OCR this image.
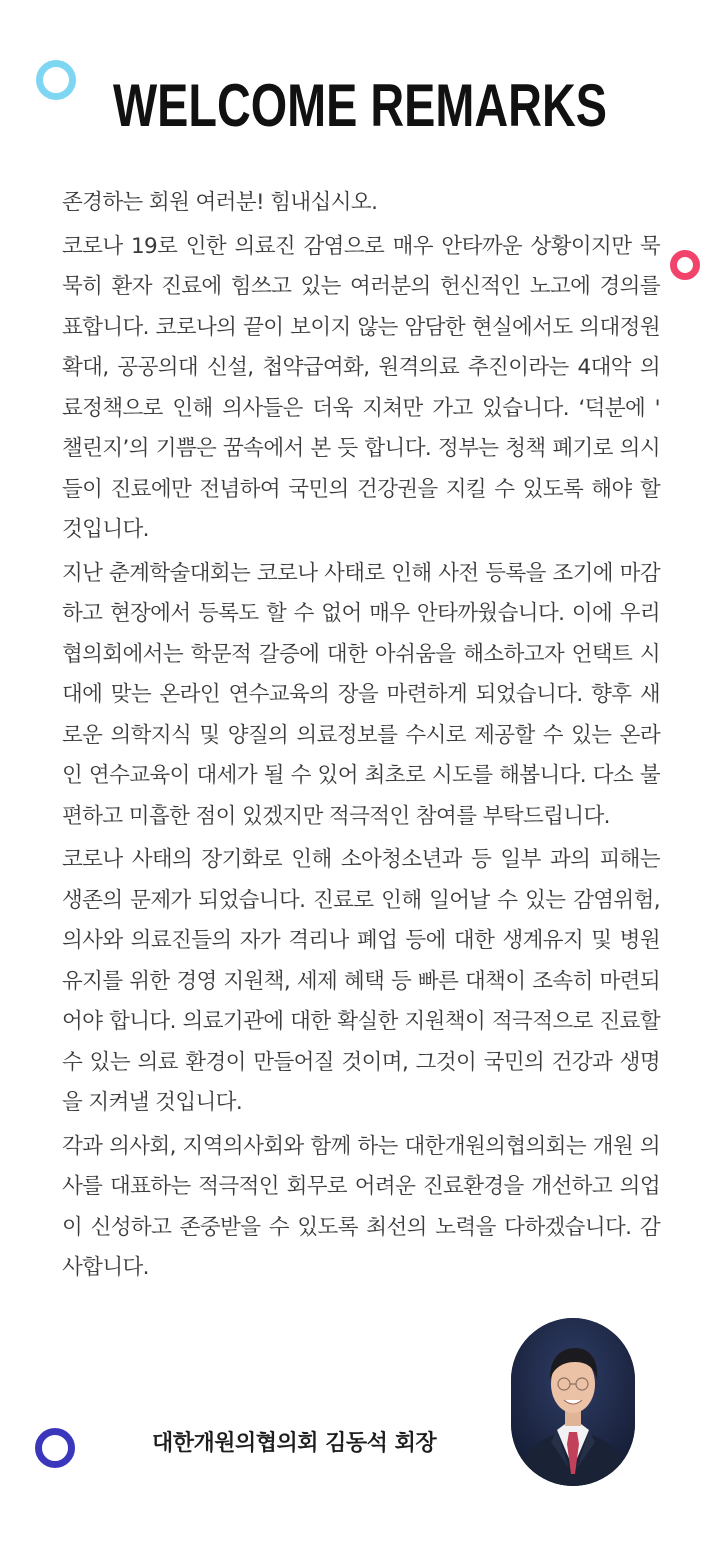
WELCOME REMARKS

존경하는 회원 여러분! 힘내십시오.

코로나 19로 인한 의료진 감염으로 매우 안타까운 상황이지만 묵묵히 환자 진료에 힘쓰고 있는 여러분의 헌신적인 노고에 경의를 표합니다. 코로나의 끝이 보이지 않는 암담한 현실에서도 의대정원 확대, 공공의대 신설, 첩약급여화, 원격의료 추진이라는 4대악 의료정책으로 인해 의사들은 더욱 지쳐만 가고 있습니다. ‘덕분에 ' 챌린지’의 기쁨은 꿈속에서 본 듯 합니다. 정부는 청책 폐기로 의시들이 진료에만 전념하여 국민의 건강권을 지킬 수 있도록 해야 할 것입니다.

지난 춘계학술대회는 코로나 사태로 인해 사전 등록을 조기에 마감하고 현장에서 등록도 할 수 없어 매우 안타까웠습니다. 이에 우리 협의회에서는 학문적 갈증에 대한 아쉬움을 해소하고자 언택트 시대에 맞는 온라인 연수교육의 장을 마련하게 되었습니다. 향후 새로운 의학지식 및 양질의 의료정보를 수시로 제공할 수 있는 온라인 연수교육이 대세가 될 수 있어 최초로 시도를 해봅니다. 다소 불편하고 미흡한 점이 있겠지만 적극적인 참여를 부탁드립니다.

코로나 사태의 장기화로 인해 소아청소년과 등 일부 과의 피해는 생존의 문제가 되었습니다. 진료로 인해 일어날 수 있는 감염위험, 의사와 의료진들의 자가 격리나 폐업 등에 대한 생계유지 및 병원 유지를 위한 경영 지원책, 세제 혜택 등 빠른 대책이 조속히 마련되어야 합니다. 의료기관에 대한 확실한 지원책이 적극적으로 진료할 수 있는 의료 환경이 만들어질 것이며, 그것이 국민의 건강과 생명을 지켜낼 것입니다.

각과 의사회, 지역의사회와 함께 하는 대한개원의협의회는 개원 의사를 대표하는 적극적인 회무로 어려운 진료환경을 개선하고 의업이 신성하고 존중받을 수 있도록 최선의 노력을 다하겠습니다. 감사합니다.

대한개원의협의회 김동석 회장
